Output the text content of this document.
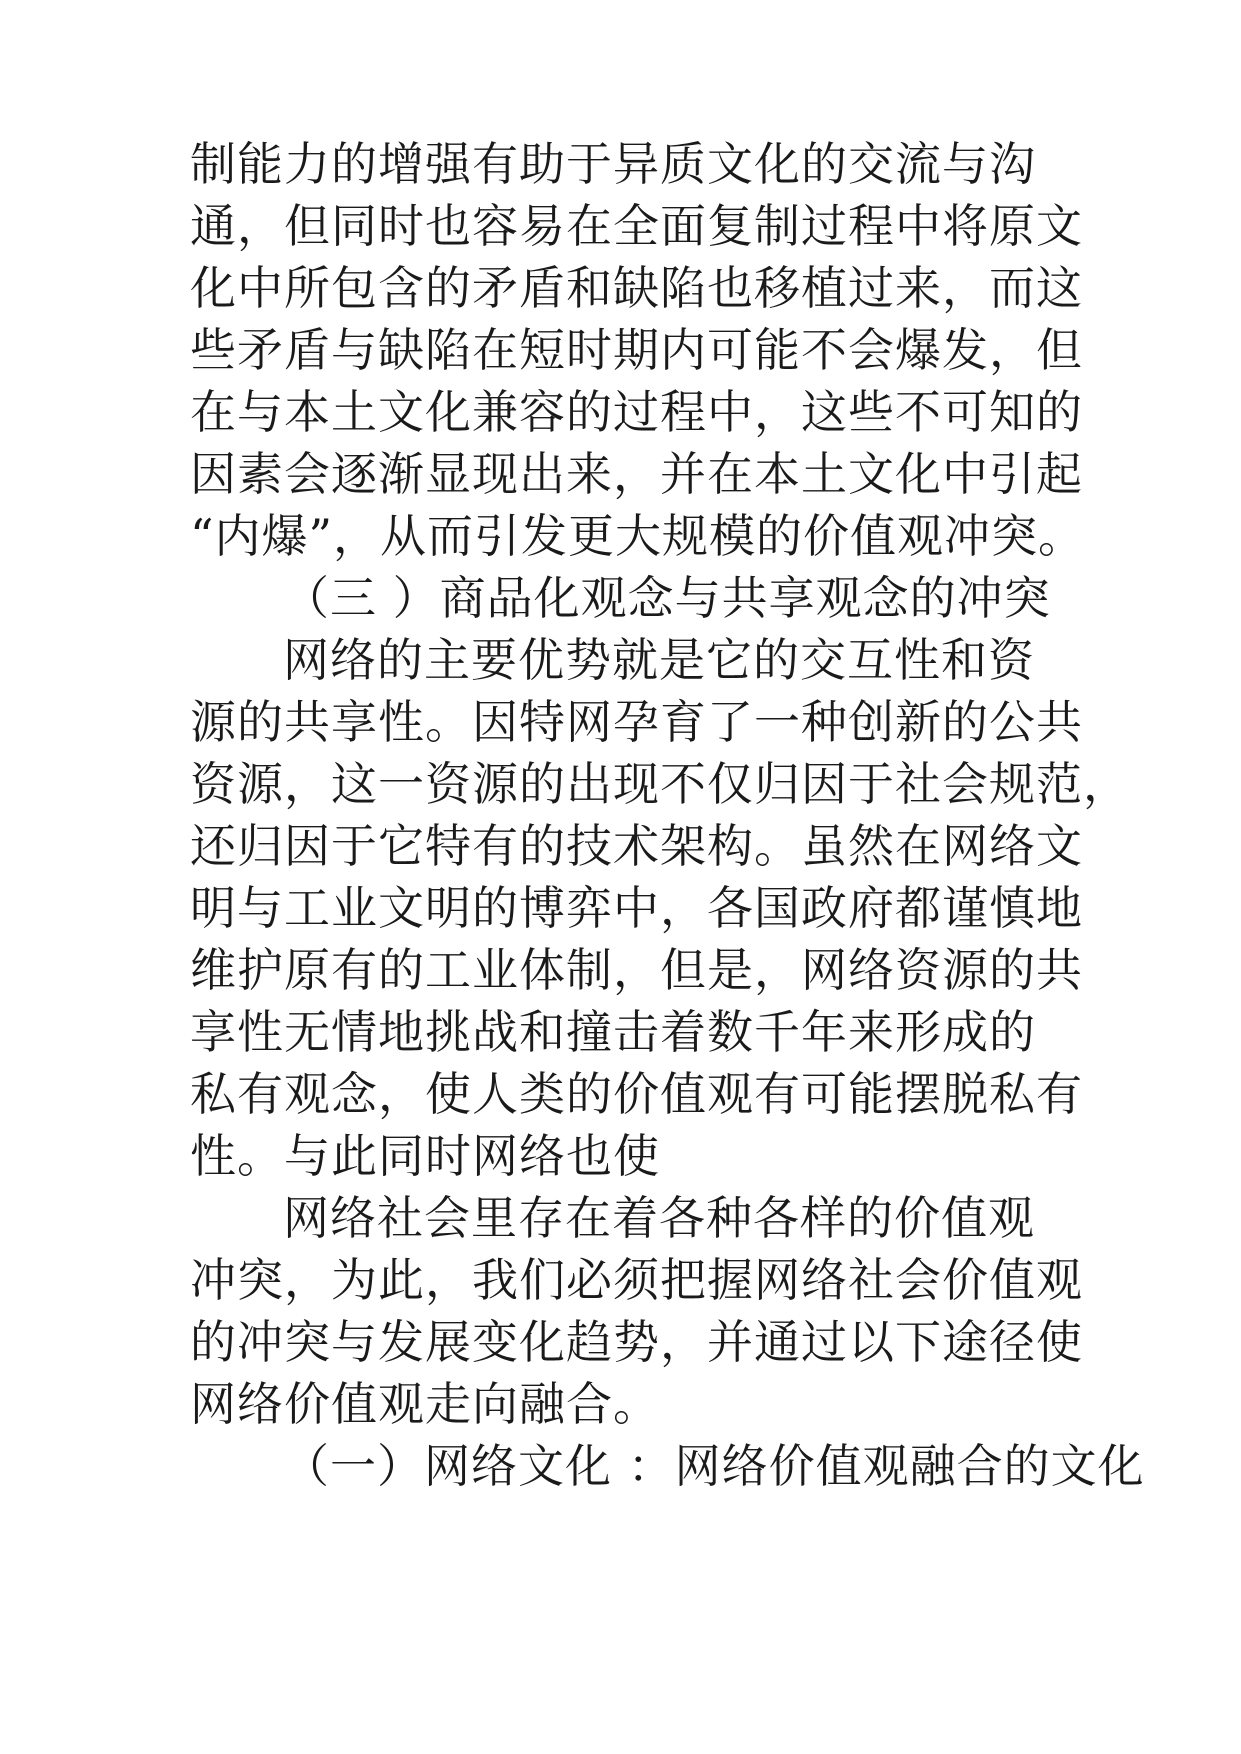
制能力的增强有助于异质文化的交流与沟
通，但同时也容易在全面复制过程中将原文
化中所包含的矛盾和缺陷也移植过来，而这
些矛盾与缺陷在短时期内可能不会爆发，但
在与本土文化兼容的过程中，这些不可知的
因素会逐渐显现出来，并在本土文化中引起
“内爆”，从而引发更大规模的价值观冲突。
（三 ）商品化观念与共享观念的冲突
网络的主要优势就是它的交互性和资
源的共享性。因特网孕育了一种创新的公共
资源，这一资源的出现不仅归因于社会规范，
还归因于它特有的技术架构。虽然在网络文
明与工业文明的博弈中，各国政府都谨慎地
维护原有的工业体制，但是，网络资源的共
享性无情地挑战和撞击着数千年来形成的
私有观念，使人类的价值观有可能摆脱私有
性。与此同时网络也使
网络社会里存在着各种各样的价值观
冲突，为此，我们必须把握网络社会价值观
的冲突与发展变化趋势，并通过以下途径使
网络价值观走向融合。
（一）网络文化 ：网络价值观融合的文化
